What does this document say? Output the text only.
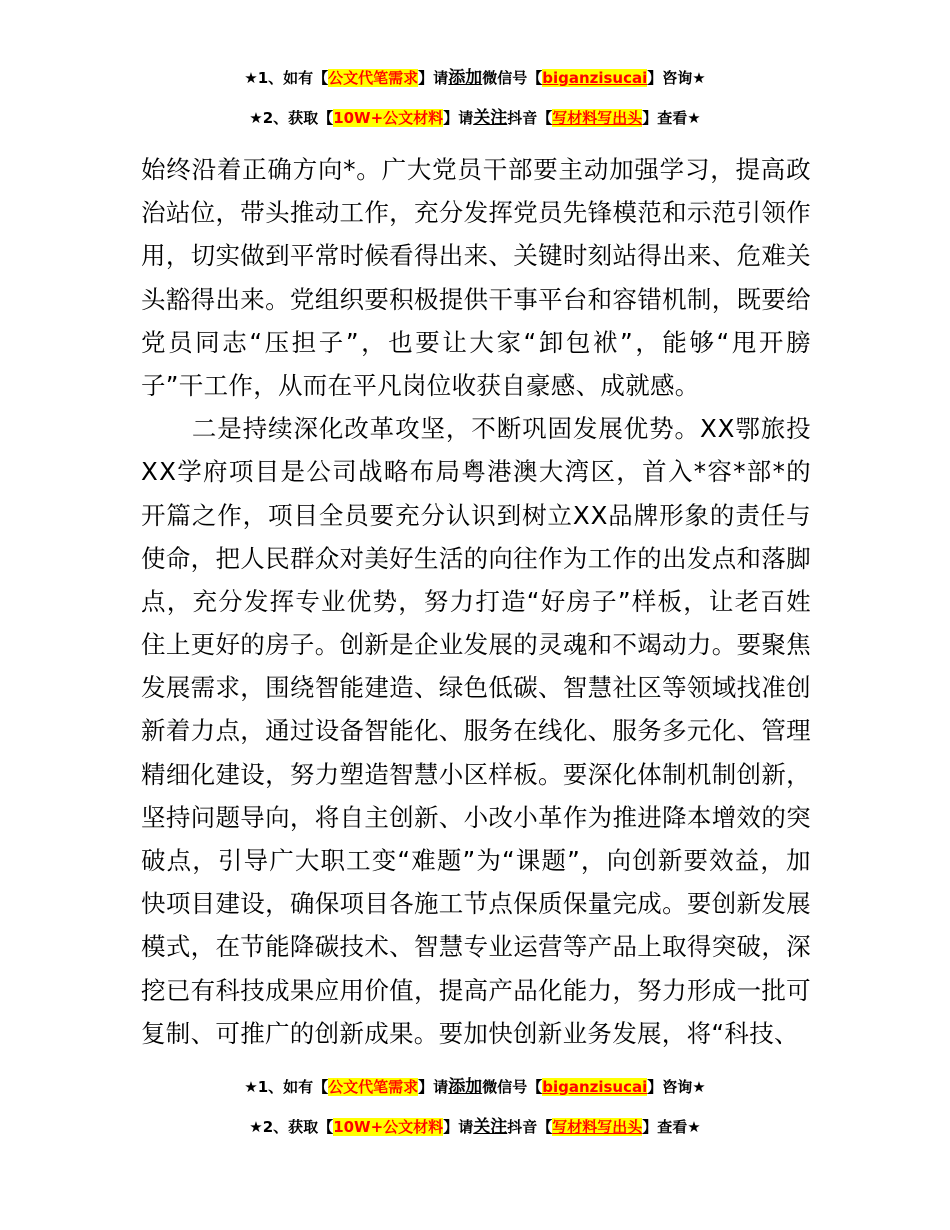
★1、如有【公文代笔需求】请添加微信号【biganzisucai】咨询★
★2、获取【10W+公文材料】请关注抖音【写材料写出头】查看★
始 终 沿 着 正 确 方 向 * 。 广 大 党 员 干 部 要 主 动 加 强 学 习 ， 提 高 政
治 站 位 ， 带 头 推 动 工 作 ， 充 分 发 挥 党 员 先 锋 模 范 和 示 范 引 领 作
用 ， 切 实 做 到 平 常 时 候 看 得 出 来 、 关 键 时 刻 站 得 出 来 、 危 难 关
头 豁 得 出 来 。 党 组 织 要 积 极 提 供 干 事 平 台 和 容 错 机 制 ， 既 要 给
党 员 同 志 “ 压 担 子 ” ， 也 要 让 大 家 “ 卸 包 袱 ” ， 能 够 “ 甩 开 膀
子”干工作，从而在平凡岗位收获自豪感、成就感。

二 是 持 续 深 化 改 革 攻 坚 ， 不 断 巩 固 发 展 优 势 。 X X 鄂 旅 投
X X 学 府 项 目 是 公 司 战 略 布 局 粤 港 澳 大 湾 区 ， 首 入 * 容 * 部 * 的
开 篇 之 作 ， 项 目 全 员 要 充 分 认 识 到 树 立 X X 品 牌 形 象 的 责 任 与
使 命 ， 把 人 民 群 众 对 美 好 生 活 的 向 往 作 为 工 作 的 出 发 点 和 落 脚
点 ， 充 分 发 挥 专 业 优 势 ， 努 力 打 造 “ 好 房 子 ” 样 板 ， 让 老 百 姓
住 上 更 好 的 房 子 。 创 新 是 企 业 发 展 的 灵 魂 和 不 竭 动 力 。 要 聚 焦
发 展 需 求 ， 围 绕 智 能 建 造 、 绿 色 低 碳 、 智 慧 社 区 等 领 域 找 准 创
新 着 力 点 ， 通 过 设 备 智 能 化 、 服 务 在 线 化 、 服 务 多 元 化 、 管 理
精 细 化 建 设 ， 努 力 塑 造 智 慧 小 区 样 板 。 要 深 化 体 制 机 制 创 新 ，
坚 持 问 题 导 向 ， 将 自 主 创 新 、 小 改 小 革 作 为 推 进 降 本 增 效 的 突
破 点 ， 引 导 广 大 职 工 变 “ 难 题 ” 为 “ 课 题 ” ， 向 创 新 要 效 益 ， 加
快 项 目 建 设 ， 确 保 项 目 各 施 工 节 点 保 质 保 量 完 成 。 要 创 新 发 展
模 式 ， 在 节 能 降 碳 技 术 、 智 慧 专 业 运 营 等 产 品 上 取 得 突 破 ， 深
挖 已 有 科 技 成 果 应 用 价 值 ， 提 高 产 品 化 能 力 ， 努 力 形 成 一 批 可
复制、可推广的创新成果。要加快创新业务发展，将“科技、
★1、如有【公文代笔需求】请添加微信号【biganzisucai】咨询★
★2、获取【10W+公文材料】请关注抖音【写材料写出头】查看★
